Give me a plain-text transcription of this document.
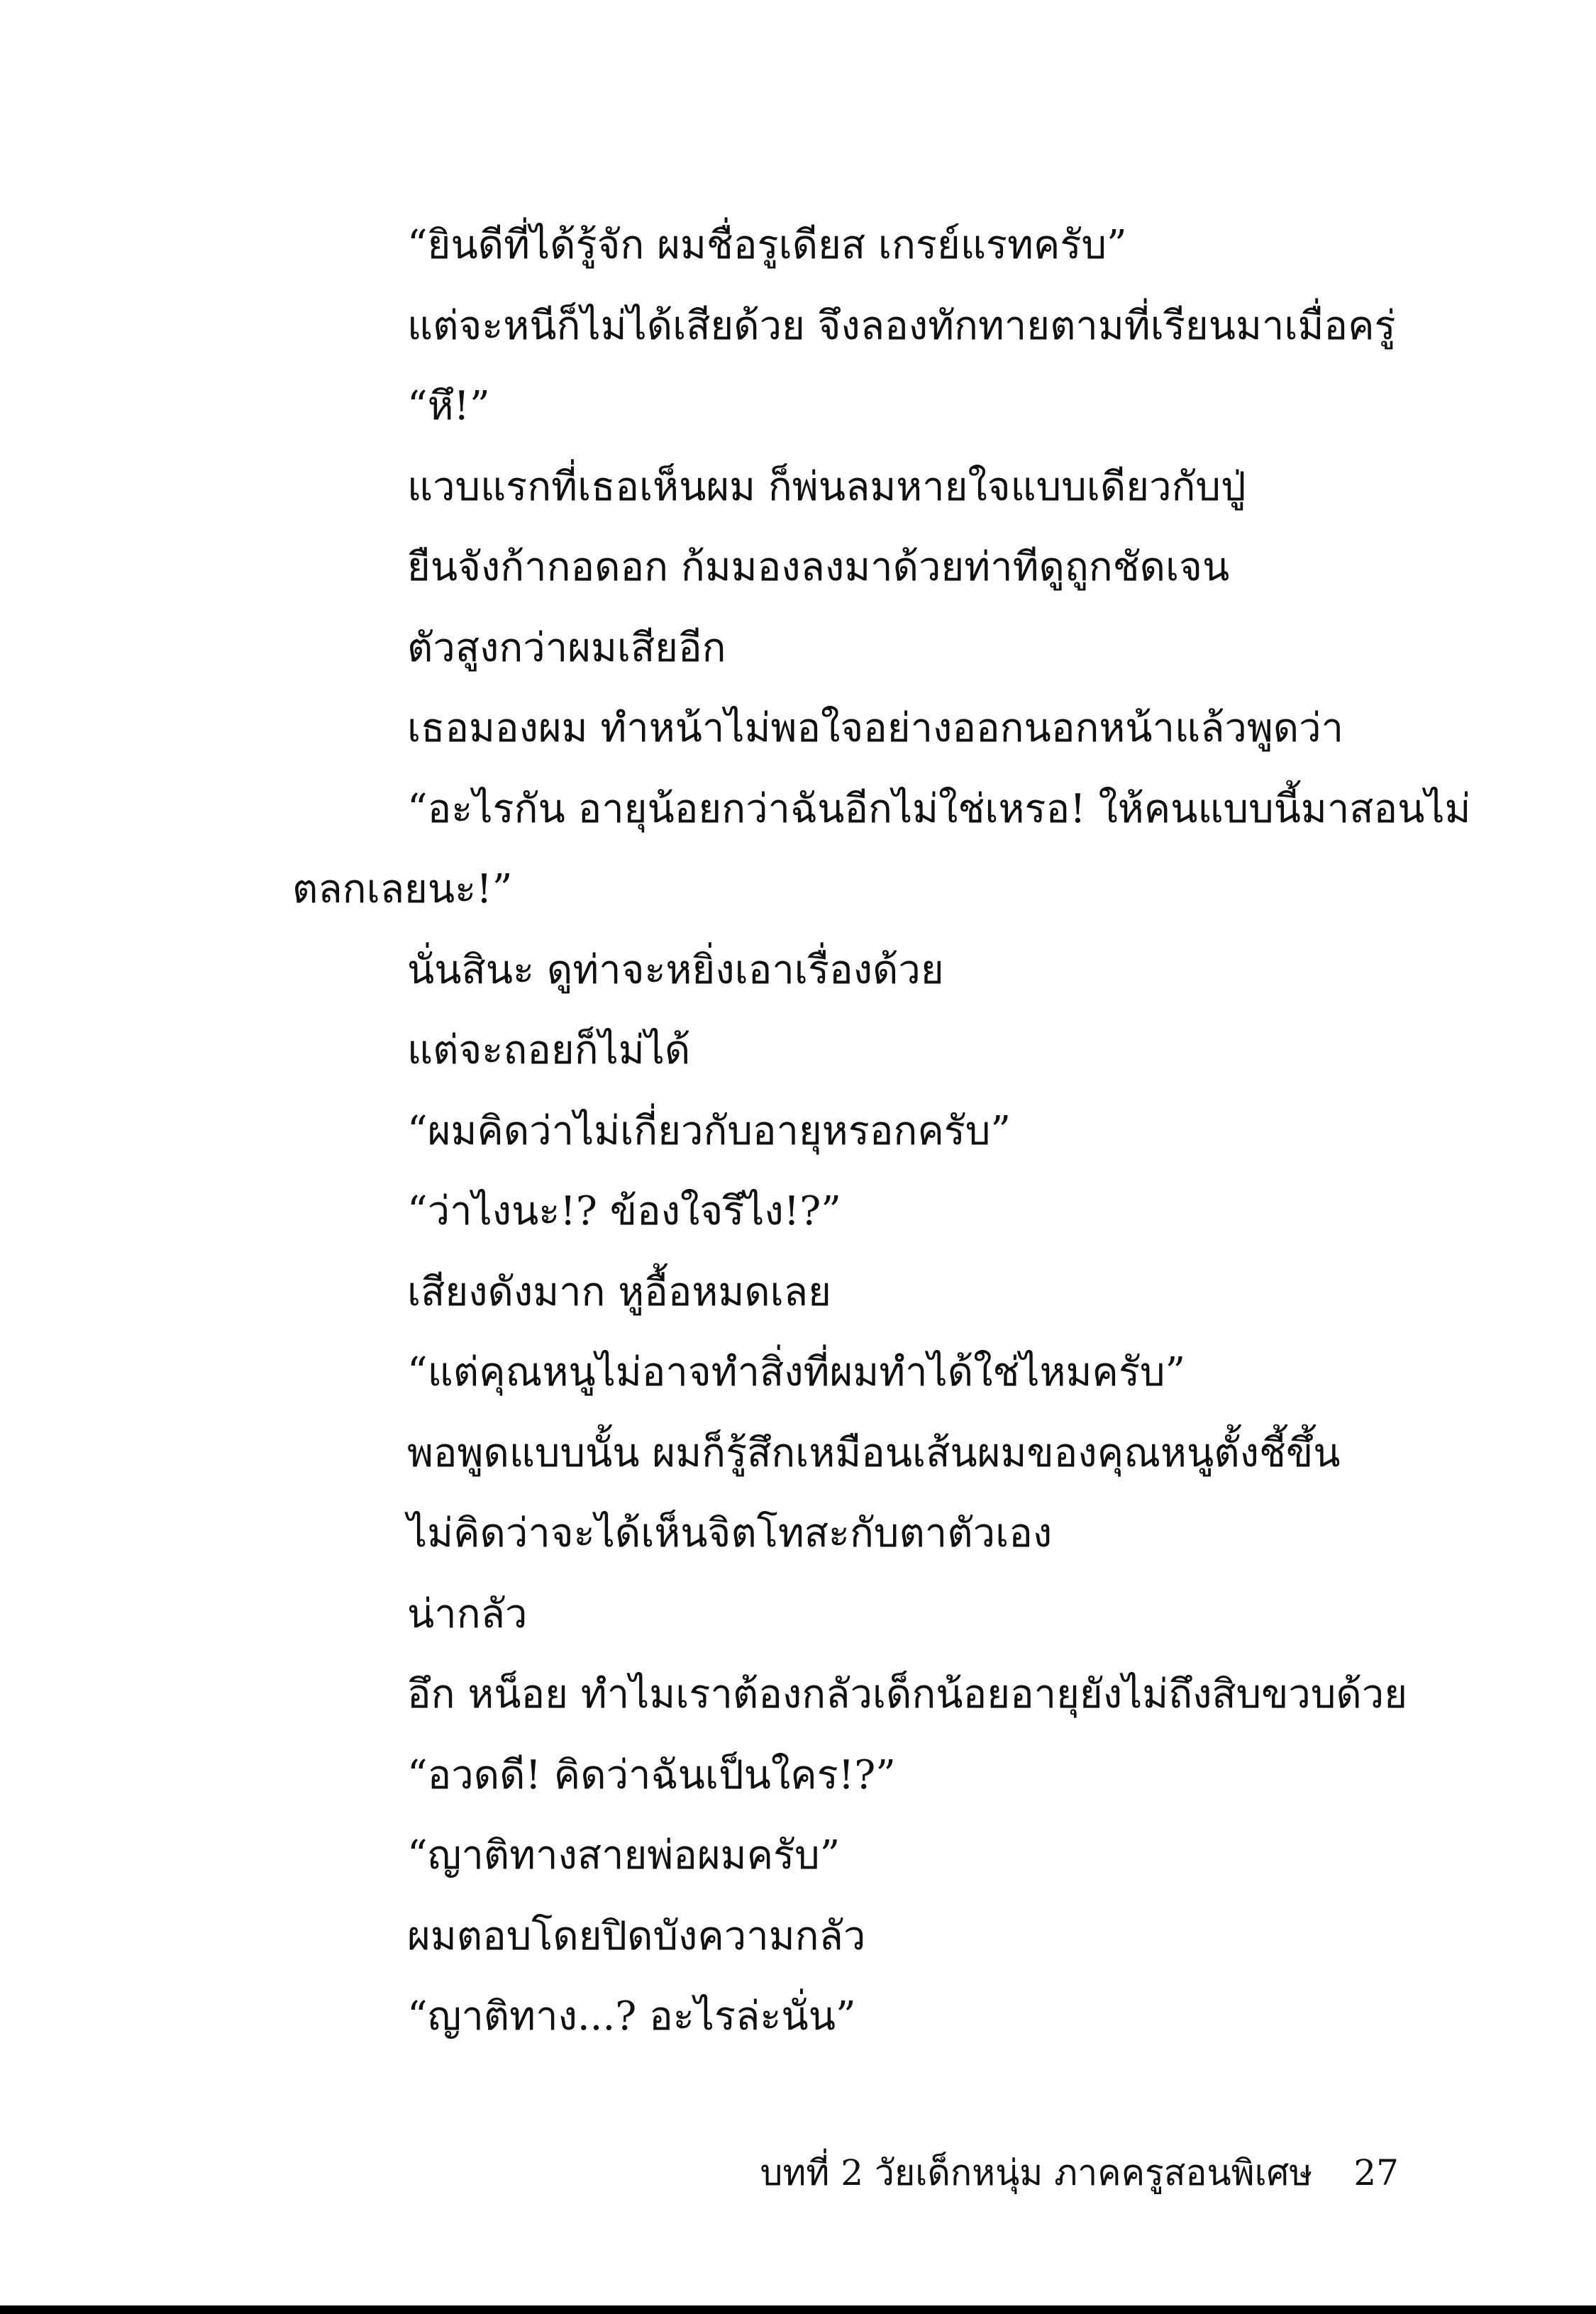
“ยินดีที่ได้รู้จัก ผมชื่อรูเดียส เกรย์แรทครับ”
แต่จะหนีก็ไม่ได้เสียด้วย จึงลองทักทายตามที่เรียนมาเมื่อครู่
“หึ!”
แวบแรกที่เธอเห็นผม ก็พ่นลมหายใจแบบเดียวกับปู่
ยืนจังก้ากอดอก ก้มมองลงมาด้วยท่าทีดูถูกชัดเจน
ตัวสูงกว่าผมเสียอีก
เธอมองผม ทำหน้าไม่พอใจอย่างออกนอกหน้าแล้วพูดว่า
“อะไรกัน อายุน้อยกว่าฉันอีกไม่ใช่เหรอ! ให้คนแบบนี้มาสอนไม่
ตลกเลยนะ!”
นั่นสินะ ดูท่าจะหยิ่งเอาเรื่องด้วย
แต่จะถอยก็ไม่ได้
“ผมคิดว่าไม่เกี่ยวกับอายุหรอกครับ”
“ว่าไงนะ!? ข้องใจรึไง!?”
เสียงดังมาก หูอื้อหมดเลย
“แต่คุณหนูไม่อาจทำสิ่งที่ผมทำได้ใช่ไหมครับ”
พอพูดแบบนั้น ผมก็รู้สึกเหมือนเส้นผมของคุณหนูตั้งชี้ขึ้น
ไม่คิดว่าจะได้เห็นจิตโทสะกับตาตัวเอง
น่ากลัว
อึก หน็อย ทำไมเราต้องกลัวเด็กน้อยอายุยังไม่ถึงสิบขวบด้วย
“อวดดี! คิดว่าฉันเป็นใคร!?”
“ญาติทางสายพ่อผมครับ”
ผมตอบโดยปิดบังความกลัว
“ญาติทาง...? อะไรล่ะนั่น”
บทที่ 2 วัยเด็กหนุ่ม ภาคครูสอนพิเศษ 27
